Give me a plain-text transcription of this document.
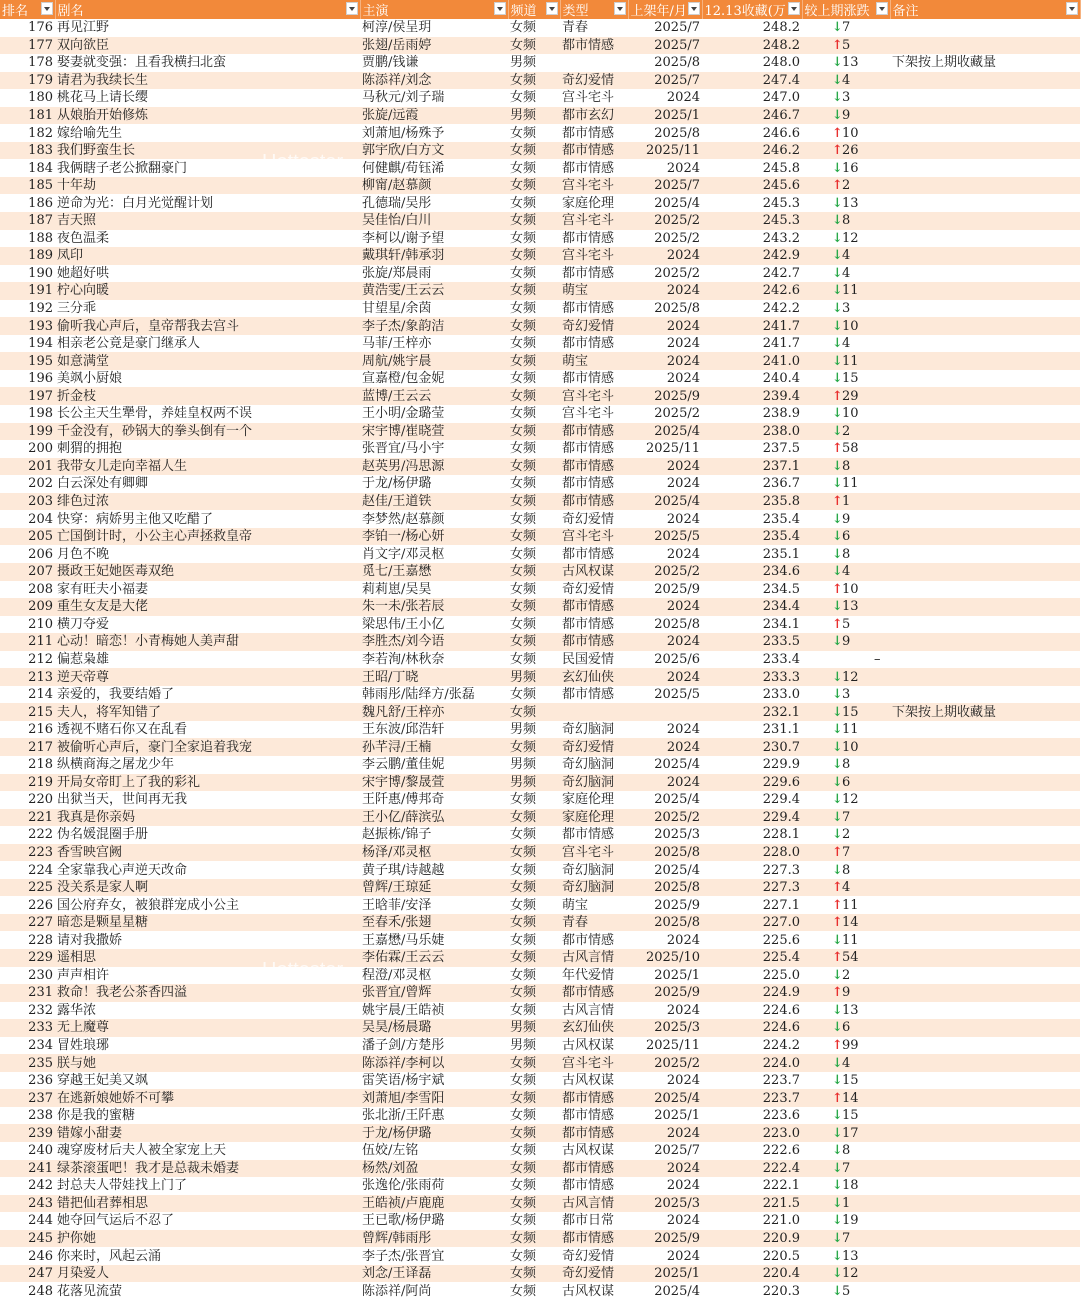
排名	剧名	主演	频道	类型	上架年/月	12.13收藏(万	较上期涨跌	备注

176	再见江野	柯淳/侯呈玥	女频	青春	2025/7	248.2	↓7	
177	双向欲臣	张翅/岳雨婷	女频	都市情感	2025/7	248.2	↑5	
178	娶妻就变强：且看我横扫北蛮	贾鹏/钱谦	男频		2025/8	248.0	↓13	下架按上期收藏量
179	请君为我续长生	陈添祥/刘念	女频	奇幻爱情	2025/7	247.4	↓4	
180	桃花马上请长缨	马秋元/刘子瑞	女频	宫斗宅斗	2024	247.0	↓3	
181	从娘胎开始修炼	张旋/远霞	男频	都市玄幻	2025/1	246.7	↓9	
182	嫁给喻先生	刘萧旭/杨殊予	女频	都市情感	2025/8	246.6	↑10	
183	我们野蛮生长	郭宇欣/白方文	女频	都市情感	2025/11	246.2	↑26	
184	我俩瞎子老公掀翻豪门	何健麒/苟钰浠	女频	都市情感	2024	245.8	↓16	
185	十年劫	柳甯/赵慕颜	女频	宫斗宅斗	2025/7	245.6	↑2	
186	逆命为光：白月光觉醒计划	孔德瑞/吴彤	女频	家庭伦理	2025/4	245.3	↓13	
187	吉天照	吴佳怡/白川	女频	宫斗宅斗	2025/2	245.3	↓8	
188	夜色温柔	李柯以/谢予望	女频	都市情感	2025/2	243.2	↓12	
189	凤印	戴琪轩/韩承羽	女频	宫斗宅斗	2024	242.9	↓4	
190	她超好哄	张旋/郑晨雨	女频	都市情感	2025/2	242.7	↓4	
191	柠心向暖	黄浩雯/王云云	女频	萌宝	2024	242.6	↓11	
192	三分乖	甘望星/余茵	女频	都市情感	2025/8	242.2	↓3	
193	偷听我心声后，皇帝帮我去宫斗	李子杰/象韵洁	女频	奇幻爱情	2024	241.7	↓10	
194	相亲老公竟是豪门继承人	马菲/王梓亦	女频	都市情感	2024	241.7	↓4	
195	如意满堂	周航/姚宇晨	女频	萌宝	2024	241.0	↓11	
196	美飒小厨娘	宣嘉橙/包金妮	女频	都市情感	2024	240.4	↓15	
197	折金枝	蓝博/王云云	女频	宫斗宅斗	2025/9	239.4	↑29	
198	长公主天生犟骨，养娃皇权两不误	王小明/金璐莹	女频	宫斗宅斗	2025/2	238.9	↓10	
199	千金没有，砂锅大的拳头倒有一个	宋宇博/崔晓萱	女频	都市情感	2025/4	238.0	↓2	
200	刺猬的拥抱	张晋宜/马小宇	女频	都市情感	2025/11	237.5	↑58	
201	我带女儿走向幸福人生	赵英男/冯思源	女频	都市情感	2024	237.1	↓8	
202	白云深处有卿卿	于龙/杨伊璐	女频	都市情感	2024	236.7	↓11	
203	绯色过浓	赵佳/王道铁	女频	都市情感	2025/4	235.8	↑1	
204	快穿：病娇男主他又吃醋了	李梦然/赵慕颜	女频	奇幻爱情	2024	235.4	↓9	
205	亡国倒计时，小公主心声拯救皇帝	李铂一/杨心妍	女频	宫斗宅斗	2025/5	235.4	↓6	
206	月色不晚	肖文字/邓灵枢	女频	都市情感	2024	235.1	↓8	
207	摄政王妃她医毒双绝	觅七/王嘉懋	女频	古风权谋	2025/2	234.6	↓4	
208	家有旺夫小福妻	莉莉崽/吴昊	女频	奇幻爱情	2025/9	234.5	↑10	
209	重生女友是大佬	朱一未/张若辰	女频	都市情感	2024	234.4	↓13	
210	横刀夺爱	梁思伟/王小亿	女频	都市情感	2025/8	234.1	↑5	
211	心动！暗恋！小青梅她人美声甜	李胜杰/刘今语	女频	都市情感	2024	233.5	↓9	
212	偏惹枭雄	李若洵/林秋奈	女频	民国爱情	2025/6	233.4		–
213	逆天帝尊	王昭/丁晓	男频	玄幻仙侠	2024	233.3	↓12	
214	亲爱的，我要结婚了	韩雨彤/陆绎方/张磊	女频	都市情感	2025/5	233.0	↓3	
215	夫人，将军知错了	魏凡舒/王梓亦	女频			232.1	↓15	下架按上期收藏量
216	透视不赌石你又在乱看	王东波/邱浩轩	男频	奇幻脑洞	2024	231.1	↓11	
217	被偷听心声后，豪门全家追着我宠	孙芊浔/王楠	女频	奇幻爱情	2024	230.7	↓10	
218	纵横商海之屠龙少年	李云鹏/董佳妮	男频	奇幻脑洞	2025/4	229.9	↓8	
219	开局女帝盯上了我的彩礼	宋宇博/黎晟萱	男频	奇幻脑洞	2024	229.6	↓6	
220	出狱当天，世间再无我	王阡惠/傅邦奇	女频	家庭伦理	2025/4	229.4	↓12	
221	我真是你亲妈	王小亿/薛滨弘	女频	家庭伦理	2025/2	229.4	↓7	
222	伪名媛混圈手册	赵振栋/锦子	女频	都市情感	2025/3	228.1	↓2	
223	香雪映宫阙	杨泽/邓灵枢	女频	宫斗宅斗	2025/8	228.0	↑7	
224	全家靠我心声逆天改命	黄子琪/诗越越	女频	奇幻脑洞	2025/4	227.3	↓8	
225	没关系是家人啊	曾辉/王琼延	女频	奇幻脑洞	2025/8	227.3	↑4	
226	国公府弃女，被狼群宠成小公主	王晗菲/安泽	女频	萌宝	2025/9	227.1	↑11	
227	暗恋是颗星星糖	至春禾/张翅	女频	青春	2025/8	227.0	↑14	
228	请对我撒娇	王嘉懋/马乐婕	女频	都市情感	2024	225.6	↓11	
229	遥相思	李佑霖/王云云	女频	古风言情	2025/10	225.4	↑54	
230	声声相许	程澄/邓灵枢	女频	年代爱情	2025/1	225.0	↓2	
231	救命！我老公茶香四溢	张晋宜/曾辉	女频	都市情感	2025/9	224.9	↑9	
232	露华浓	姚宇晨/王皓祯	女频	古风言情	2024	224.6	↓13	
233	无上魔尊	吴昊/杨晨璐	男频	玄幻仙侠	2025/3	224.6	↓6	
234	冒姓琅琊	潘子剑/方楚彤	男频	古风权谋	2025/11	224.2	↑99	
235	朕与她	陈添祥/李柯以	女频	宫斗宅斗	2025/2	224.0	↓4	
236	穿越王妃美又飒	雷笑语/杨宇斌	女频	古风权谋	2024	223.7	↓15	
237	在逃新娘她娇不可攀	刘萧旭/李雪阳	女频	都市情感	2025/4	223.7	↑14	
238	你是我的蜜糖	张北浙/王阡惠	女频	都市情感	2025/1	223.6	↓15	
239	错嫁小甜妻	于龙/杨伊璐	女频	都市情感	2024	223.0	↓17	
240	魂穿废材后夫人被全家宠上天	伍姣/左铭	女频	古风权谋	2025/7	222.6	↓8	
241	绿茶滚蛋吧！我才是总裁未婚妻	杨然/刘盈	女频	都市情感	2024	222.4	↓7	
242	封总夫人带娃找上门了	张逸伦/张雨荷	女频	都市情感	2024	222.1	↓18	
243	错把仙君葬相思	王皓祯/卢鹿鹿	女频	古风言情	2025/3	221.5	↓1	
244	她夺回气运后不忍了	王已歌/杨伊璐	女频	都市日常	2024	221.0	↓19	
245	护你她	曾辉/韩雨彤	女频	都市情感	2025/9	220.9	↓7	
246	你来时，风起云涌	李子杰/张晋宜	女频	奇幻爱情	2024	220.5	↓13	
247	月染爱人	刘念/王译磊	女频	奇幻爱情	2025/1	220.4	↓12	
248	花落见流萤	陈添祥/阿尚	女频	古风权谋	2025/4	220.3	↓5	
Hottestar
Hottestar
Hottestar
